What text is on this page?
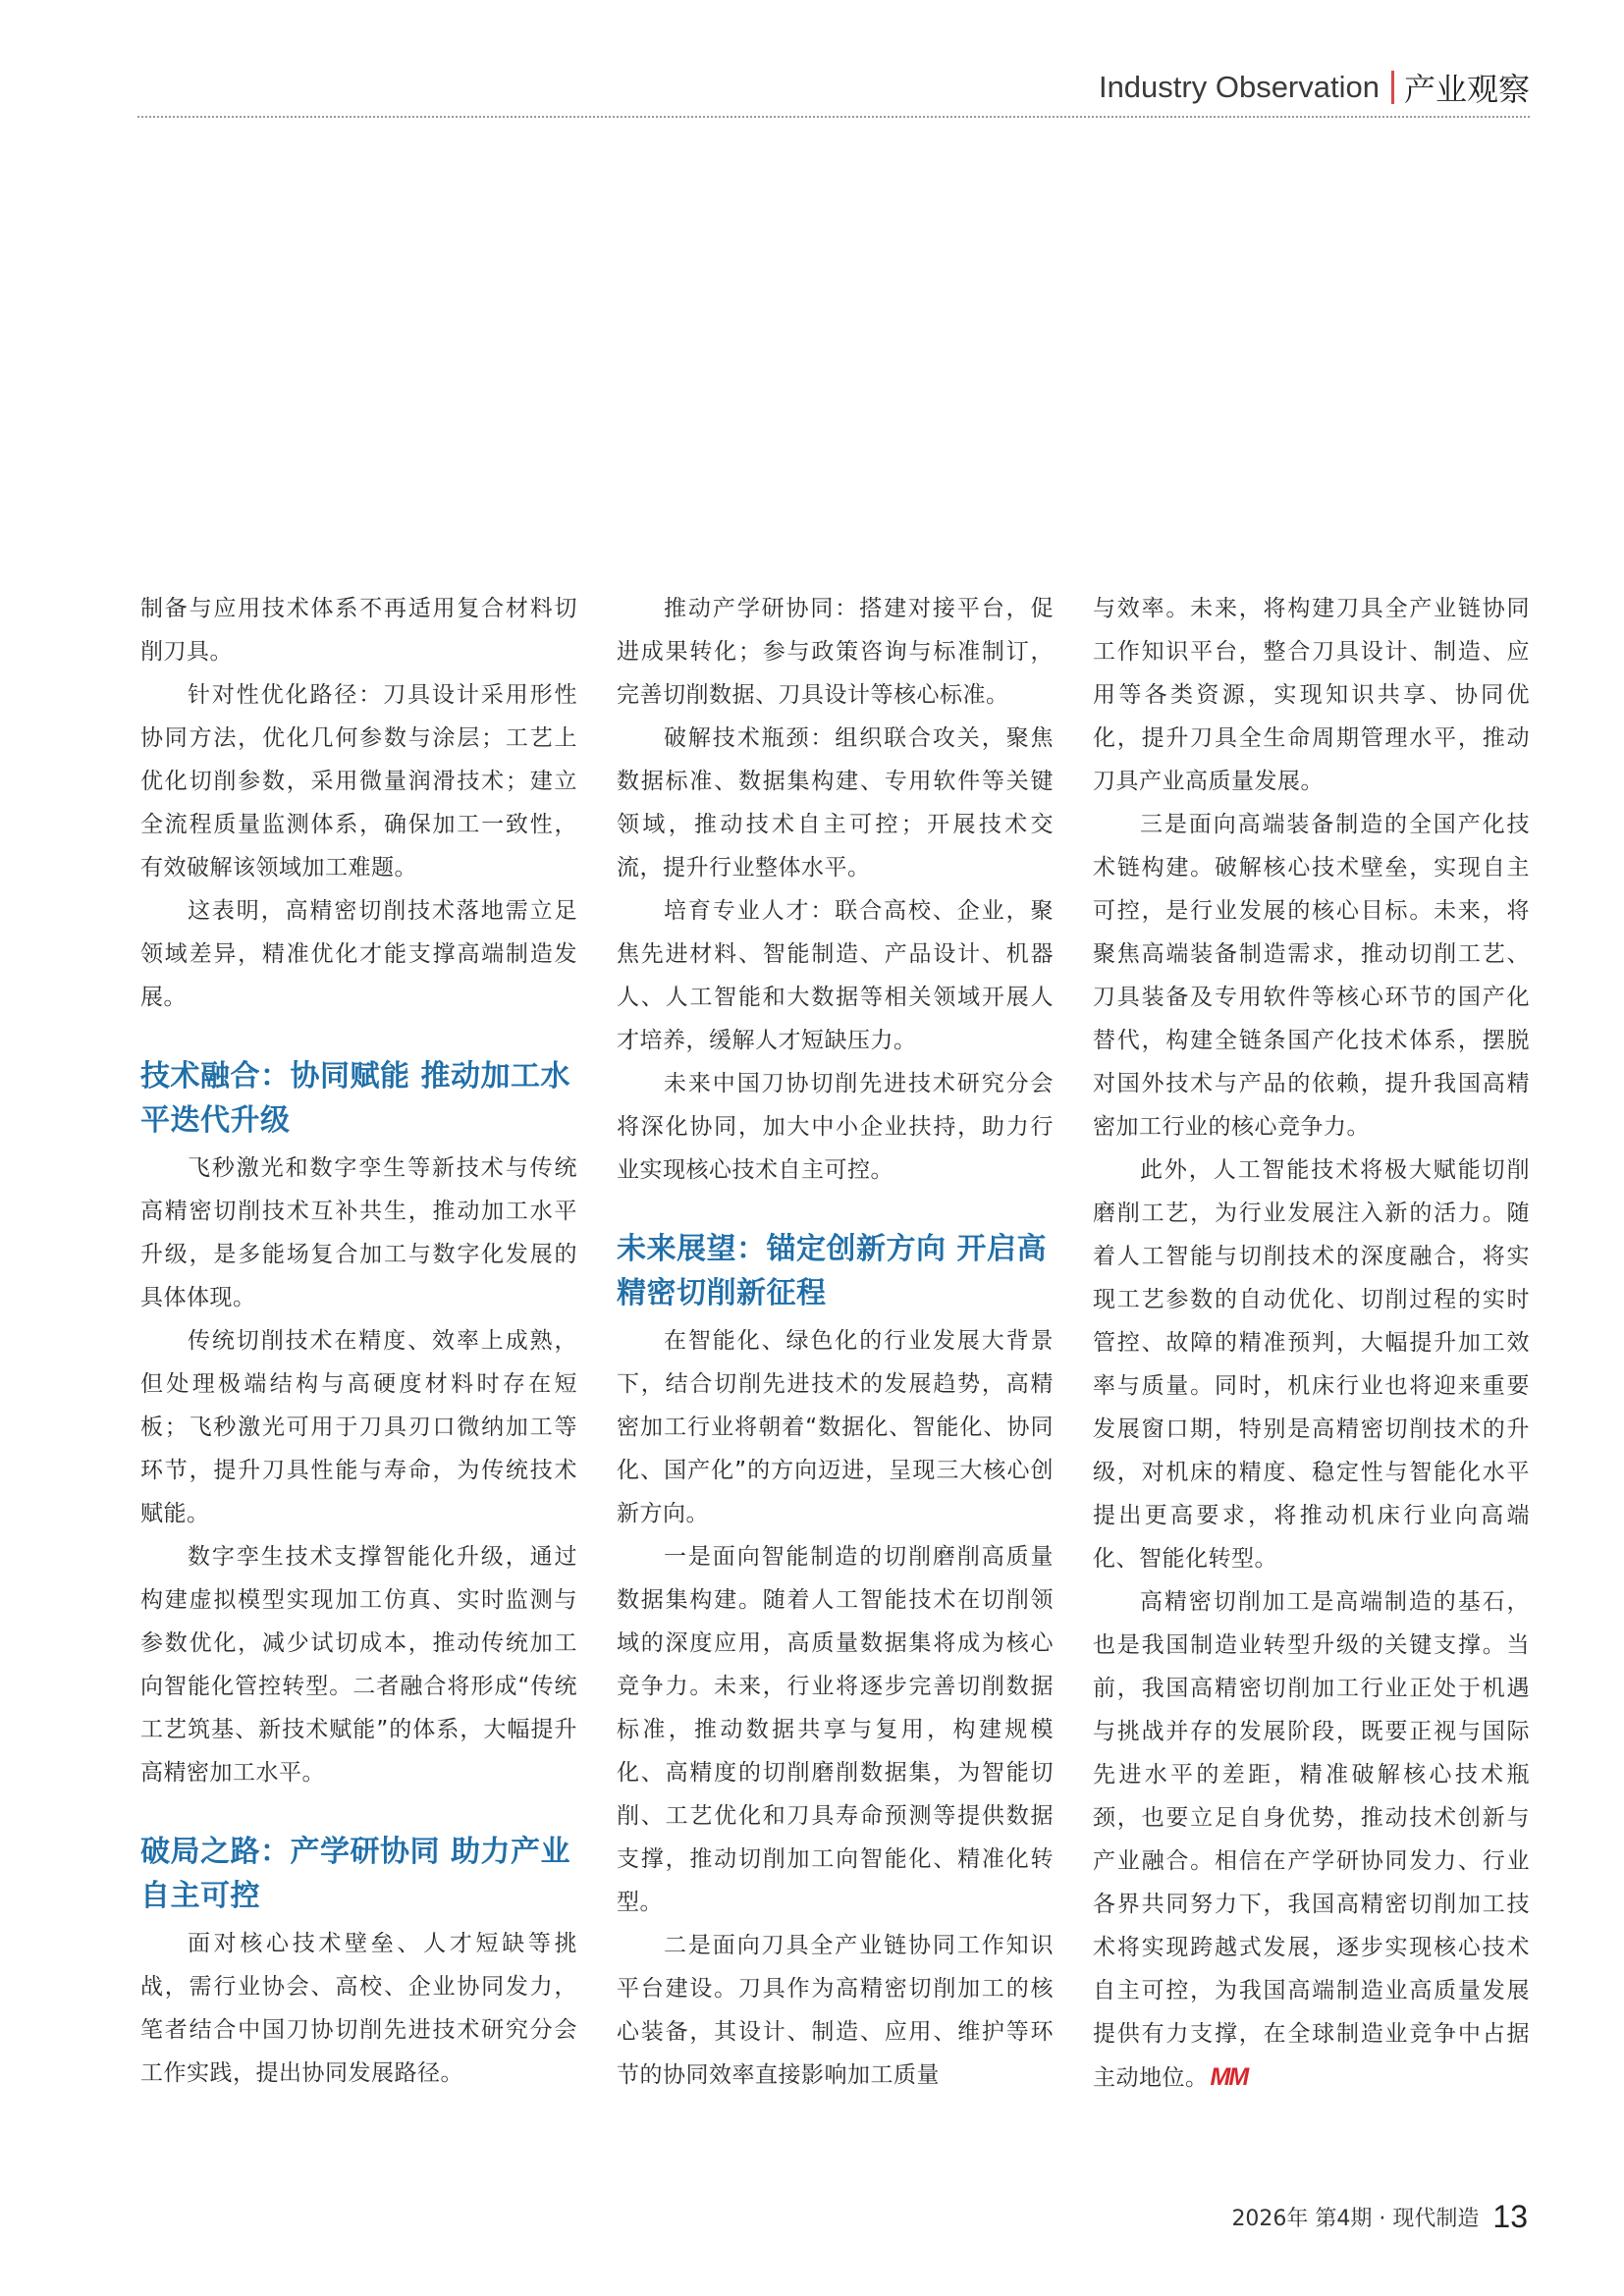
Industry Observation 产业观察

制备与应用技术体系不再适用复合材料切削刀具。

针对性优化路径：刀具设计采用形性协同方法，优化几何参数与涂层；工艺上优化切削参数，采用微量润滑技术；建立全流程质量监测体系，确保加工一致性，有效破解该领域加工难题。

这表明，高精密切削技术落地需立足领域差异，精准优化才能支撑高端制造发展。

技术融合：协同赋能 推动加工水平迭代升级

飞秒激光和数字孪生等新技术与传统高精密切削技术互补共生，推动加工水平升级，是多能场复合加工与数字化发展的具体体现。

传统切削技术在精度、效率上成熟，但处理极端结构与高硬度材料时存在短板；飞秒激光可用于刀具刃口微纳加工等环节，提升刀具性能与寿命，为传统技术赋能。

数字孪生技术支撑智能化升级，通过构建虚拟模型实现加工仿真、实时监测与参数优化，减少试切成本，推动传统加工向智能化管控转型。二者融合将形成“传统工艺筑基、新技术赋能”的体系，大幅提升高精密加工水平。

破局之路：产学研协同 助力产业自主可控

面对核心技术壁垒、人才短缺等挑战，需行业协会、高校、企业协同发力，笔者结合中国刀协切削先进技术研究分会工作实践，提出协同发展路径。

推动产学研协同：搭建对接平台，促进成果转化；参与政策咨询与标准制订，完善切削数据、刀具设计等核心标准。

破解技术瓶颈：组织联合攻关，聚焦数据标准、数据集构建、专用软件等关键领域，推动技术自主可控；开展技术交流，提升行业整体水平。

培育专业人才：联合高校、企业，聚焦先进材料、智能制造、产品设计、机器人、人工智能和大数据等相关领域开展人才培养，缓解人才短缺压力。

未来中国刀协切削先进技术研究分会将深化协同，加大中小企业扶持，助力行业实现核心技术自主可控。

未来展望：锚定创新方向 开启高精密切削新征程

在智能化、绿色化的行业发展大背景下，结合切削先进技术的发展趋势，高精密加工行业将朝着“数据化、智能化、协同化、国产化”的方向迈进，呈现三大核心创新方向。

一是面向智能制造的切削磨削高质量数据集构建。随着人工智能技术在切削领域的深度应用，高质量数据集将成为核心竞争力。未来，行业将逐步完善切削数据标准，推动数据共享与复用，构建规模化、高精度的切削磨削数据集，为智能切削、工艺优化和刀具寿命预测等提供数据支撑，推动切削加工向智能化、精准化转型。

二是面向刀具全产业链协同工作知识平台建设。刀具作为高精密切削加工的核心装备，其设计、制造、应用、维护等环节的协同效率直接影响加工质量

与效率。未来，将构建刀具全产业链协同工作知识平台，整合刀具设计、制造、应用等各类资源，实现知识共享、协同优化，提升刀具全生命周期管理水平，推动刀具产业高质量发展。

三是面向高端装备制造的全国产化技术链构建。破解核心技术壁垒，实现自主可控，是行业发展的核心目标。未来，将聚焦高端装备制造需求，推动切削工艺、刀具装备及专用软件等核心环节的国产化替代，构建全链条国产化技术体系，摆脱对国外技术与产品的依赖，提升我国高精密加工行业的核心竞争力。

此外，人工智能技术将极大赋能切削磨削工艺，为行业发展注入新的活力。随着人工智能与切削技术的深度融合，将实现工艺参数的自动优化、切削过程的实时管控、故障的精准预判，大幅提升加工效率与质量。同时，机床行业也将迎来重要发展窗口期，特别是高精密切削技术的升级，对机床的精度、稳定性与智能化水平提出更高要求，将推动机床行业向高端化、智能化转型。

高精密切削加工是高端制造的基石，也是我国制造业转型升级的关键支撑。当前，我国高精密切削加工行业正处于机遇与挑战并存的发展阶段，既要正视与国际先进水平的差距，精准破解核心技术瓶颈，也要立足自身优势，推动技术创新与产业融合。相信在产学研协同发力、行业各界共同努力下，我国高精密切削加工技术将实现跨越式发展，逐步实现核心技术自主可控，为我国高端制造业高质量发展提供有力支撑，在全球制造业竞争中占据主动地位。MM

2026年 第4期 · 现代制造 13
